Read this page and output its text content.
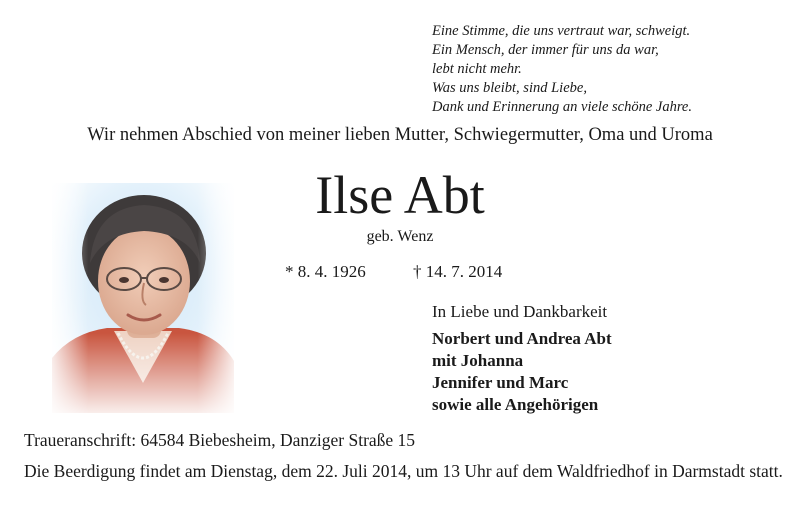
Eine Stimme, die uns vertraut war, schweigt.
Ein Mensch, der immer für uns da war,
lebt nicht mehr.
Was uns bleibt, sind Liebe,
Dank und Erinnerung an viele schöne Jahre.
Wir nehmen Abschied von meiner lieben Mutter, Schwiegermutter, Oma und Uroma
Ilse Abt
geb. Wenz
* 8. 4. 1926	† 14. 7. 2014
In Liebe und Dankbarkeit
Norbert und Andrea Abt
mit Johanna
Jennifer und Marc
sowie alle Angehörigen
Traueranschrift: 64584 Biebesheim, Danziger Straße 15
Die Beerdigung findet am Dienstag, dem 22. Juli 2014, um 13 Uhr auf dem Waldfriedhof in Darmstadt statt.
